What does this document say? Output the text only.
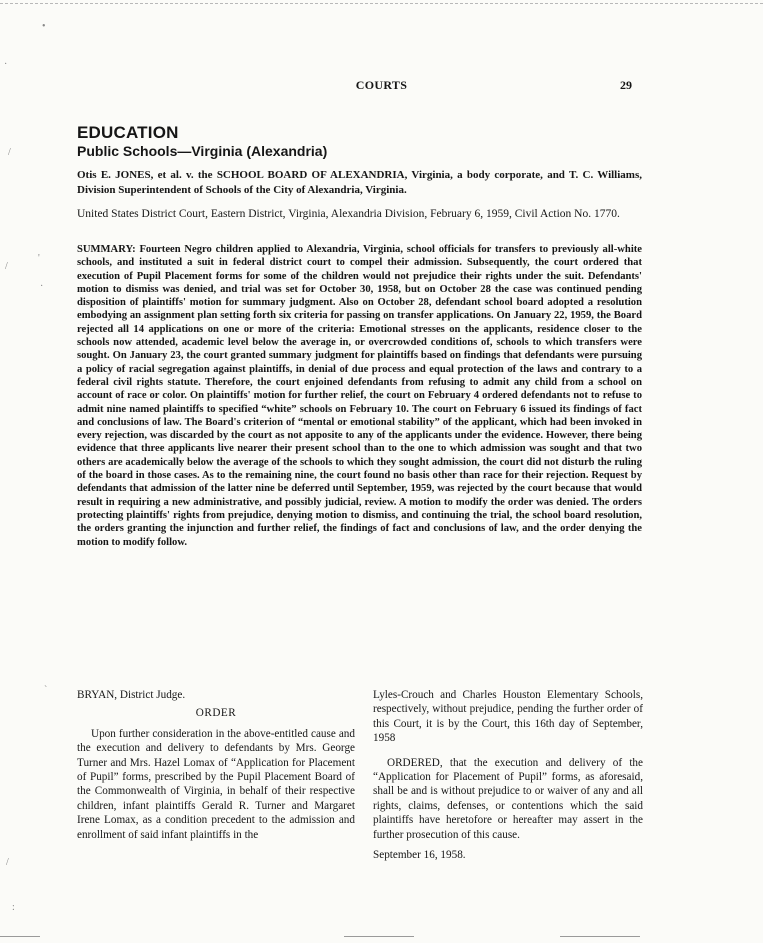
•
·
/
'
/
·
`
/
:
COURTS	29
EDUCATION
Public Schools—Virginia (Alexandria)
Otis E. JONES, et al. v. the SCHOOL BOARD OF ALEXANDRIA, Virginia, a body corporate, and T. C. Williams, Division Superintendent of Schools of the City of Alexandria, Virginia.
United States District Court, Eastern District, Virginia, Alexandria Division, February 6, 1959, Civil Action No. 1770.
SUMMARY: Fourteen Negro children applied to Alexandria, Virginia, school officials for transfers to previously all-white schools, and instituted a suit in federal district court to compel their admission. Subsequently, the court ordered that execution of Pupil Placement forms for some of the children would not prejudice their rights under the suit. Defendants' motion to dismiss was denied, and trial was set for October 30, 1958, but on October 28 the case was continued pending disposition of plaintiffs' motion for summary judgment. Also on October 28, defendant school board adopted a resolution embodying an assignment plan setting forth six criteria for passing on transfer applications. On January 22, 1959, the Board rejected all 14 applications on one or more of the criteria: Emotional stresses on the applicants, residence closer to the schools now attended, academic level below the average in, or overcrowded conditions of, schools to which transfers were sought. On January 23, the court granted summary judgment for plaintiffs based on findings that defendants were pursuing a policy of racial segregation against plaintiffs, in denial of due process and equal protection of the laws and contrary to a federal civil rights statute. Therefore, the court enjoined defendants from refusing to admit any child from a school on account of race or color. On plaintiffs' motion for further relief, the court on February 4 ordered defendants not to refuse to admit nine named plaintiffs to specified “white” schools on February 10. The court on February 6 issued its findings of fact and conclusions of law. The Board's criterion of “mental or emotional stability” of the applicant, which had been invoked in every rejection, was discarded by the court as not apposite to any of the applicants under the evidence. However, there being evidence that three applicants live nearer their present school than to the one to which admission was sought and that two others are academically below the average of the schools to which they sought admission, the court did not disturb the ruling of the board in those cases. As to the remaining nine, the court found no basis other than race for their rejection. Request by defendants that admission of the latter nine be deferred until September, 1959, was rejected by the court because that would result in requiring a new administrative, and possibly judicial, review. A motion to modify the order was denied. The orders protecting plaintiffs' rights from prejudice, denying motion to dismiss, and continuing the trial, the school board resolution, the orders granting the injunction and further relief, the findings of fact and conclusions of law, and the order denying the motion to modify follow.
BRYAN, District Judge.
ORDER

Upon further consideration in the above-entitled cause and the execution and delivery to defendants by Mrs. George Turner and Mrs. Hazel Lomax of “Application for Placement of Pupil” forms, prescribed by the Pupil Placement Board of the Commonwealth of Virginia, in behalf of their respective children, infant plaintiffs Gerald R. Turner and Margaret Irene Lomax, as a condition precedent to the admission and enrollment of said infant plaintiffs in the

Lyles-Crouch and Charles Houston Elementary Schools, respectively, without prejudice, pending the further order of this Court, it is by the Court, this 16th day of September, 1958

ORDERED, that the execution and delivery of the “Application for Placement of Pupil” forms, as aforesaid, shall be and is without prejudice to or waiver of any and all rights, claims, defenses, or contentions which the said plaintiffs have heretofore or hereafter may assert in the further prosecution of this cause.

September 16, 1958.
